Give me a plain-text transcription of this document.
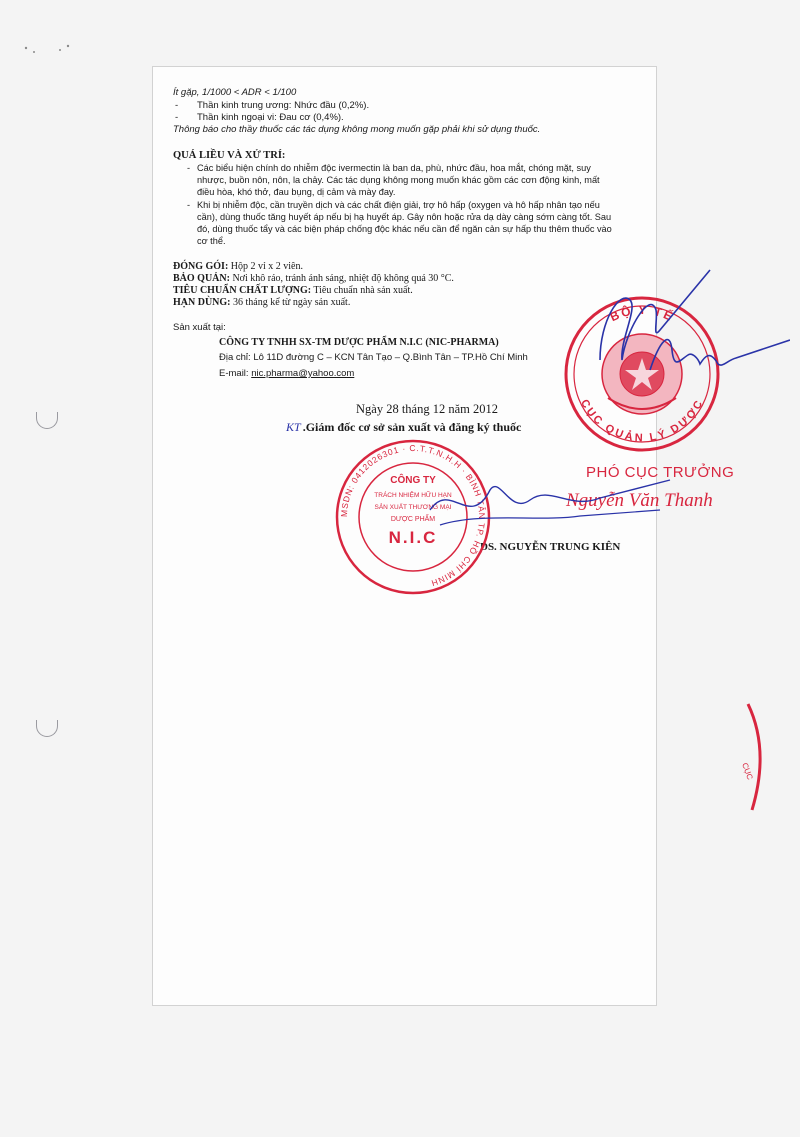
Ít gặp, 1/1000 < ADR < 1/100
- Thần kinh trung ương: Nhức đầu (0,2%).
- Thần kinh ngoại vi: Đau cơ (0,4%).
Thông báo cho thầy thuốc các tác dụng không mong muốn gặp phải khi sử dụng thuốc.
QUÁ LIỀU VÀ XỬ TRÍ:
- Các biểu hiện chính do nhiễm độc ivermectin là ban da, phù, nhức đầu, hoa mắt, chóng mặt, suy
nhược, buồn nôn, nôn, la chảy. Các tác dụng không mong muốn khác gồm các cơn động kinh, mất
điều hòa, khó thở, đau bụng, dị cảm và mày đay.
- Khi bị nhiễm độc, cần truyền dịch và các chất điện giải, trợ hô hấp (oxygen và hô hấp nhân tạo nếu
cần), dùng thuốc tăng huyết áp nếu bị hạ huyết áp. Gây nôn hoặc rửa dạ dày càng sớm càng tốt. Sau
đó, dùng thuốc tẩy và các biện pháp chống độc khác nếu cần để ngăn cản sự hấp thu thêm thuốc vào
cơ thể.
ĐÓNG GÓI: Hộp 2 vỉ x 2 viên.
BẢO QUẢN: Nơi khô ráo, tránh ánh sáng, nhiệt độ không quá 30 °C.
TIÊU CHUẨN CHẤT LƯỢNG: Tiêu chuẩn nhà sản xuất.
HẠN DÙNG: 36 tháng kể từ ngày sản xuất.
Sản xuất tại:
CÔNG TY TNHH SX-TM DƯỢC PHẨM N.I.C (NIC-PHARMA)
Địa chỉ: Lô 11D đường C – KCN Tân Tạo – Q.Bình Tân – TP.Hồ Chí Minh
E-mail: nic.pharma@yahoo.com
Ngày 28 tháng 12 năm 2012
KT .Giám đốc cơ sở sản xuất và đăng ký thuốc
DS. NGUYỄN TRUNG KIÊN
PHÓ CỤC TRƯỞNG
Nguyễn Văn Thanh
BỘ Y TẾ
CỤC QUẢN LÝ DƯỢC
MSDN: 0412026301 · C.T.T.N.H.H · BÌNH TÂN TP. HỒ CHÍ MINH
CÔNG TY
TRÁCH NHIỆM HỮU HẠN
SẢN XUẤT THƯƠNG MẠI
DƯỢC PHẨM
N.I.C
CỤC
